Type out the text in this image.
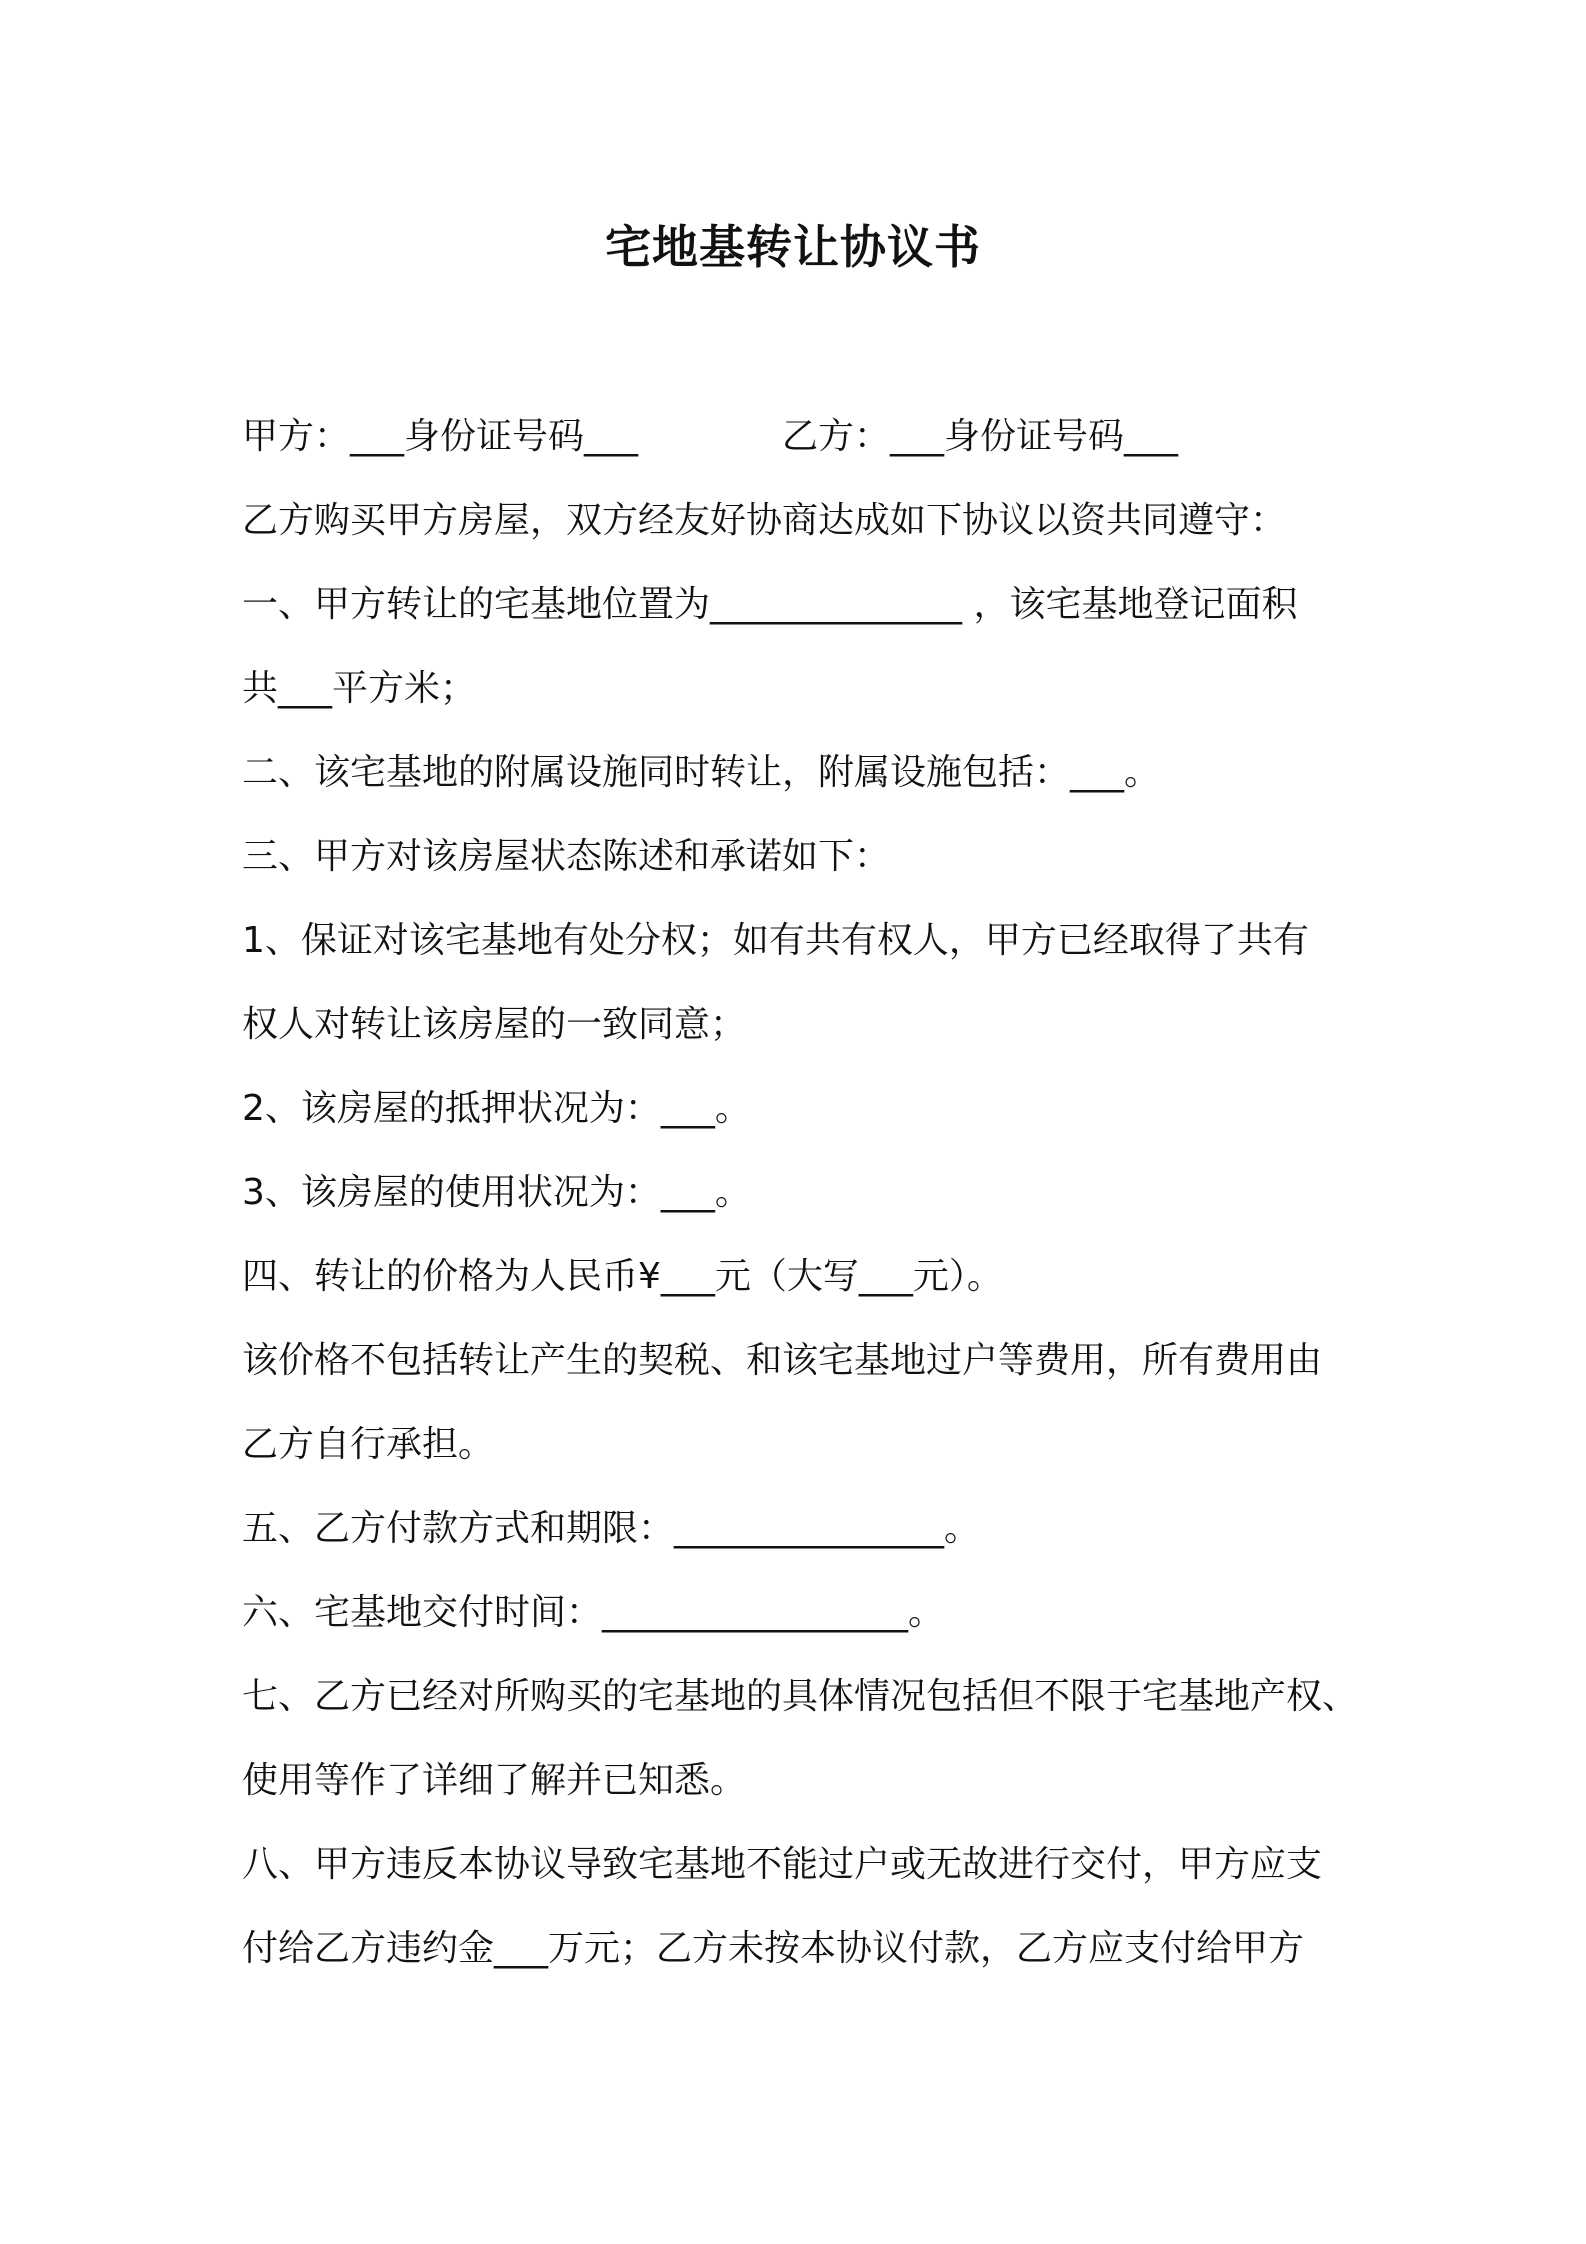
宅地基转让协议书
甲方：___身份证号码___	乙方：___身份证号码___
乙方购买甲方房屋，双方经友好协商达成如下协议以资共同遵守：
一、甲方转让的宅基地位置为______________ ，该宅基地登记面积
共___平方米；
二、该宅基地的附属设施同时转让，附属设施包括：___。
三、甲方对该房屋状态陈述和承诺如下：
1、保证对该宅基地有处分权；如有共有权人，甲方已经取得了共有
权人对转让该房屋的一致同意；
2、该房屋的抵押状况为：___。
3、该房屋的使用状况为：___。
四、转让的价格为人民币¥___元（大写___元）。
该价格不包括转让产生的契税、和该宅基地过户等费用，所有费用由
乙方自行承担。
五、乙方付款方式和期限：_______________。
六、宅基地交付时间：_________________。
七、乙方已经对所购买的宅基地的具体情况包括但不限于宅基地产权、
使用等作了详细了解并已知悉。
八、甲方违反本协议导致宅基地不能过户或无故进行交付，甲方应支
付给乙方违约金___万元；乙方未按本协议付款，乙方应支付给甲方
